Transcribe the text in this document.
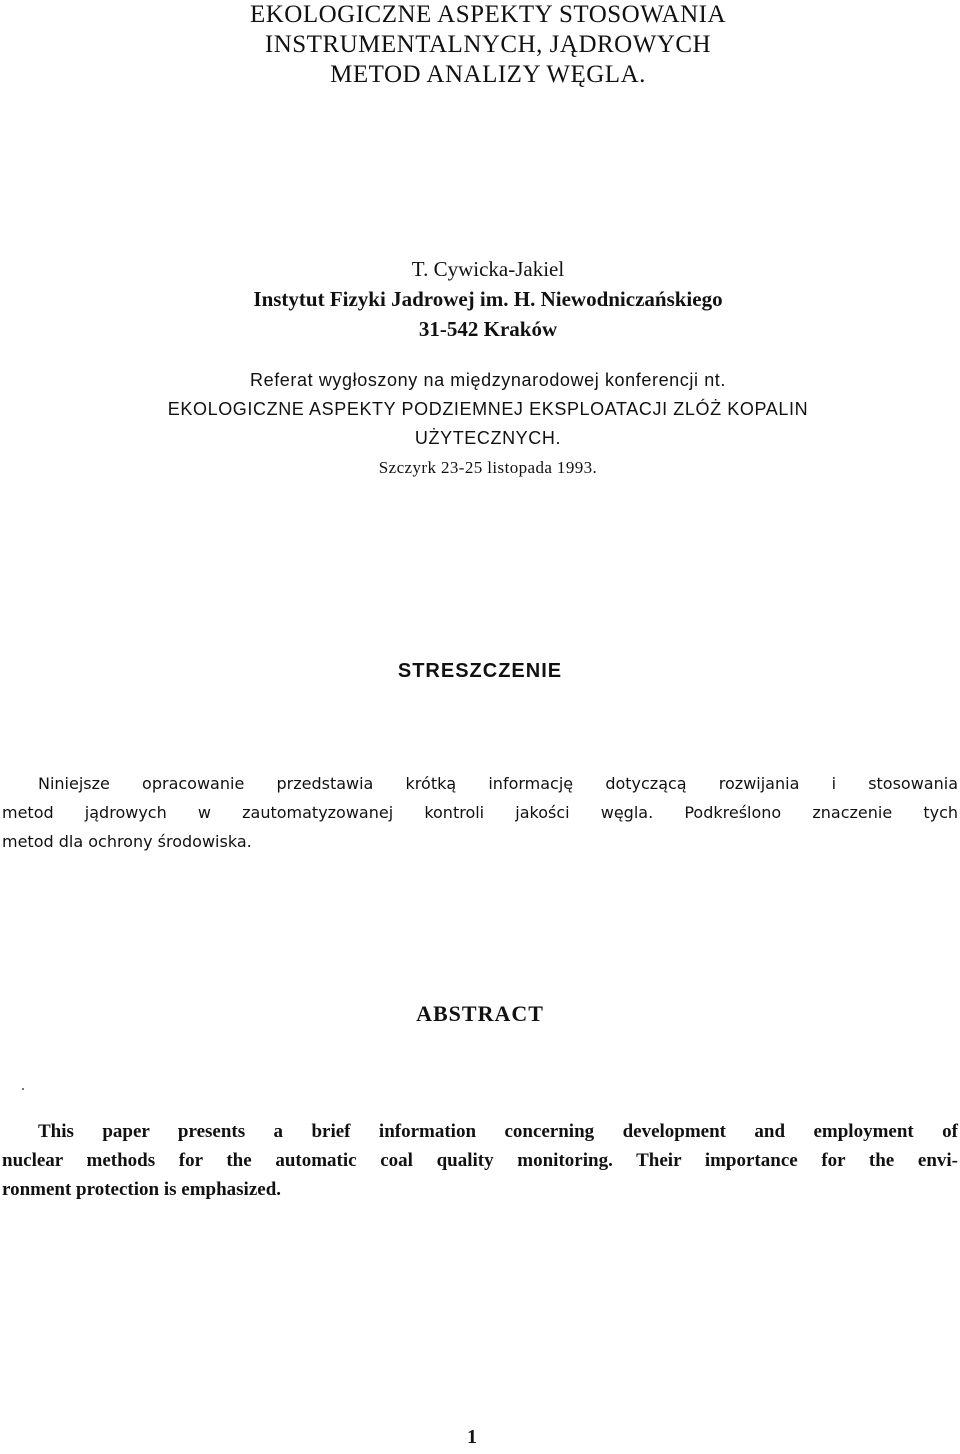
EKOLOGICZNE ASPEKTY STOSOWANIA
INSTRUMENTALNYCH, JĄDROWYCH
METOD ANALIZY WĘGLA.
T. Cywicka-Jakiel
Instytut Fizyki Jadrowej im. H. Niewodniczańskiego
31-542 Kraków
Referat wygłoszony na międzynarodowej konferencji nt.
EKOLOGICZNE ASPEKTY PODZIEMNEJ EKSPLOATACJI ZLÓŻ KOPALIN
UŻYTECZNYCH.
Szczyrk 23-25 listopada 1993.
STRESZCZENIE
Niniejsze opracowanie przedstawia krótką informację dotyczącą rozwijania i stosowania
metod jądrowych w zautomatyzowanej kontroli jakości węgla. Podkreślono znaczenie tych
metod dla ochrony środowiska.
ABSTRACT
This paper presents a brief information concerning development and employment of
nuclear methods for the automatic coal quality monitoring. Their importance for the envi-
ronment protection is emphasized.
1
